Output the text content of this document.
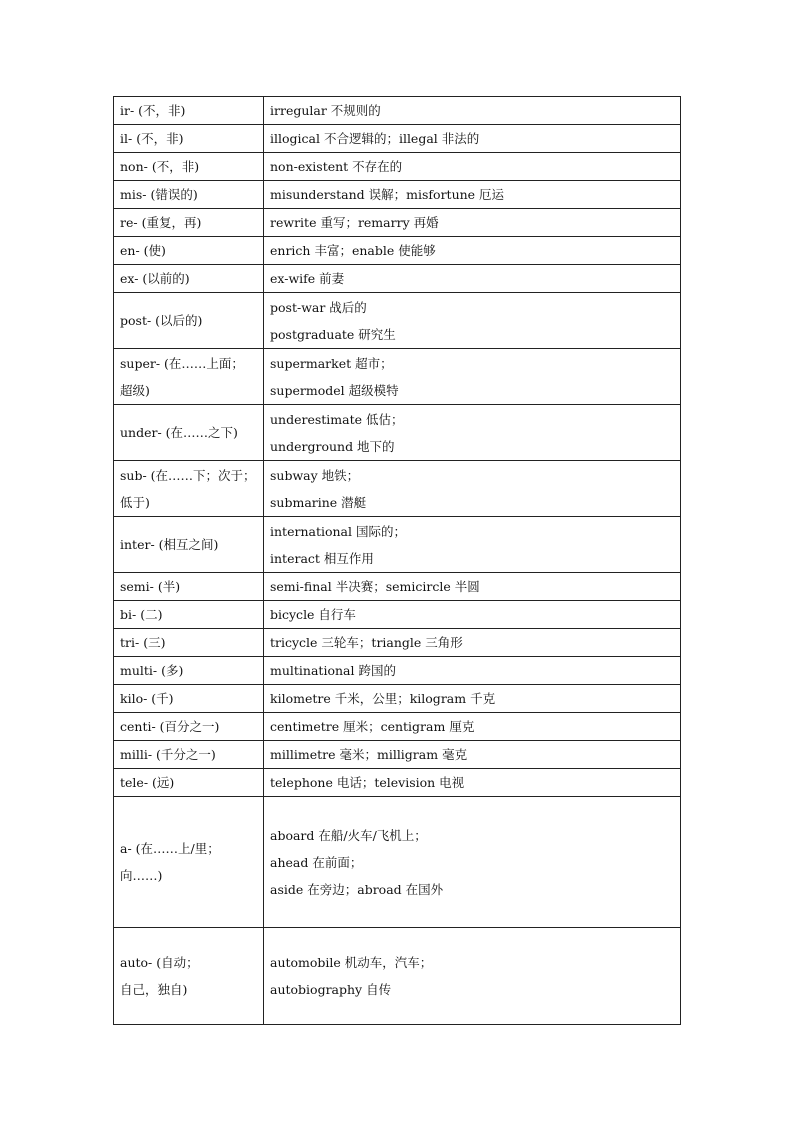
ir- (不，非)	irregular 不规则的

il- (不，非)	illogical 不合逻辑的；illegal 非法的

non- (不，非)	non-existent 不存在的

mis- (错误的)	misunderstand 误解；misfortune 厄运

re- (重复，再)	rewrite 重写；remarry 再婚

en- (使)	enrich 丰富；enable 使能够

ex- (以前的)	ex-wife 前妻

post- (以后的)	post-war 战后的
postgraduate 研究生

super- (在……上面；
超级)	supermarket 超市；
supermodel 超级模特

under- (在……之下)	underestimate 低估；
underground 地下的

sub- (在……下；次于；
低于)	subway 地铁；
submarine 潜艇

inter- (相互之间)	international 国际的；
interact 相互作用

semi- (半)	semi-final 半决赛；semicircle 半圆

bi- (二)	bicycle 自行车

tri- (三)	tricycle 三轮车；triangle 三角形

multi- (多)	multinational 跨国的

kilo- (千)	kilometre 千米，公里；kilogram 千克

centi- (百分之一)	centimetre 厘米；centigram 厘克

milli- (千分之一)	millimetre 毫米；milligram 毫克

tele- (远)	telephone 电话；television 电视

a- (在……上/里；
向……)	aboard 在船/火车/飞机上；
ahead 在前面；
aside 在旁边；abroad 在国外

auto- (自动；
自己，独自)	automobile 机动车，汽车；
autobiography 自传
